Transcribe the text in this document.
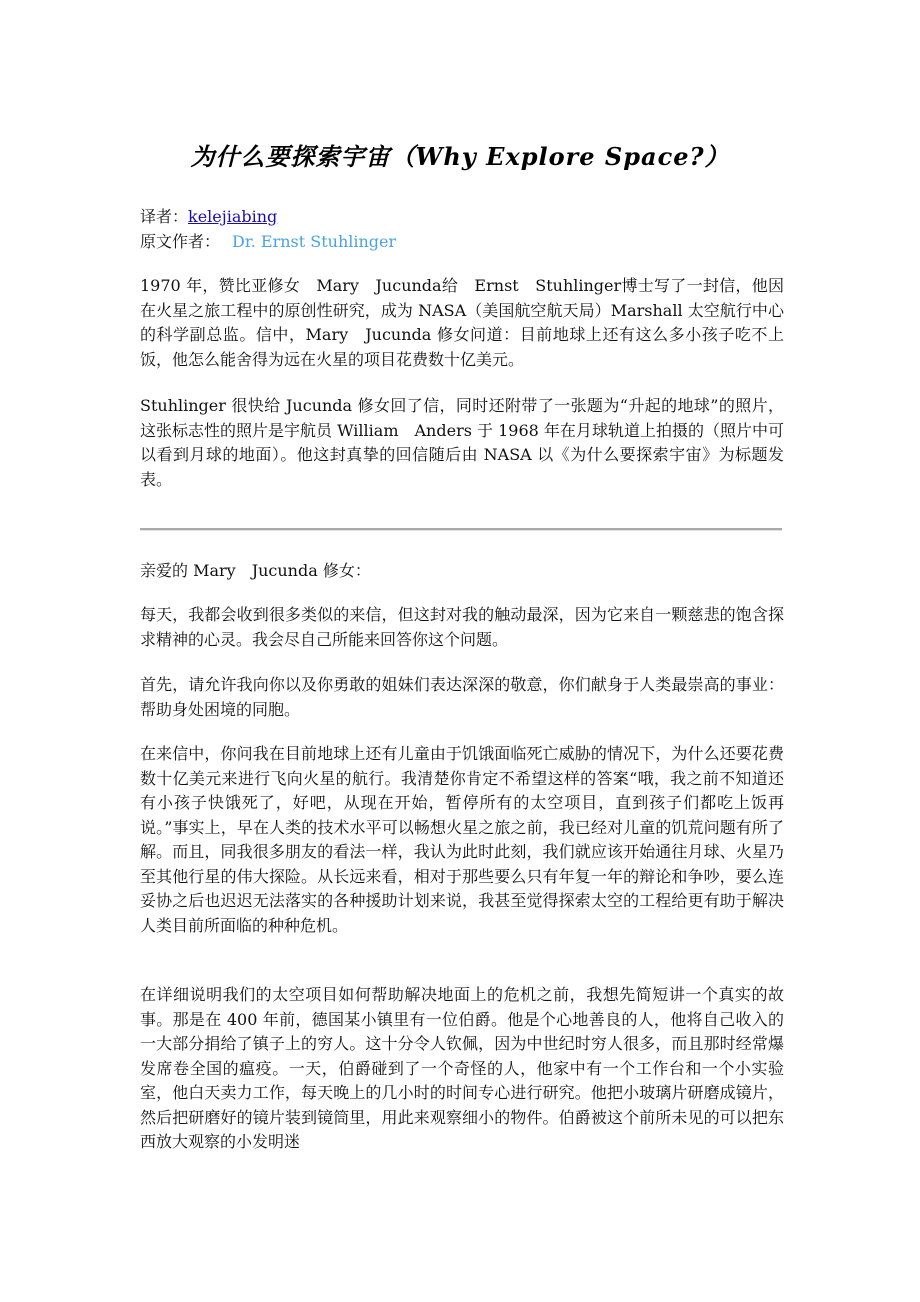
为什么要探索宇宙（Why Explore Space?）
译者：kelejiabing
原文作者： Dr. Ernst Stuhlinger
1970 年，赞比亚修女　Mary　Jucunda给　Ernst　Stuhlinger博士写了一封信，他因在火星之旅工程中的原创性研究，成为 NASA（美国航空航天局）Marshall 太空航行中心的科学副总监。信中，Mary　Jucunda 修女问道：目前地球上还有这么多小孩子吃不上饭，他怎么能舍得为远在火星的项目花费数十亿美元。
Stuhlinger 很快给 Jucunda 修女回了信，同时还附带了一张题为“升起的地球”的照片，这张标志性的照片是宇航员 William　Anders 于 1968 年在月球轨道上拍摄的（照片中可以看到月球的地面）。他这封真挚的回信随后由 NASA 以《为什么要探索宇宙》为标题发表。
亲爱的 Mary　Jucunda 修女：
每天，我都会收到很多类似的来信，但这封对我的触动最深，因为它来自一颗慈悲的饱含探求精神的心灵。我会尽自己所能来回答你这个问题。
首先，请允许我向你以及你勇敢的姐妹们表达深深的敬意，你们献身于人类最崇高的事业：帮助身处困境的同胞。
在来信中，你问我在目前地球上还有儿童由于饥饿面临死亡威胁的情况下，为什么还要花费数十亿美元来进行飞向火星的航行。我清楚你肯定不希望这样的答案“哦，我之前不知道还有小孩子快饿死了，好吧，从现在开始，暂停所有的太空项目，直到孩子们都吃上饭再说。”事实上，早在人类的技术水平可以畅想火星之旅之前，我已经对儿童的饥荒问题有所了解。而且，同我很多朋友的看法一样，我认为此时此刻，我们就应该开始通往月球、火星乃至其他行星的伟大探险。从长远来看，相对于那些要么只有年复一年的辩论和争吵，要么连妥协之后也迟迟无法落实的各种援助计划来说，我甚至觉得探索太空的工程给更有助于解决人类目前所面临的种种危机。
在详细说明我们的太空项目如何帮助解决地面上的危机之前，我想先简短讲一个真实的故事。那是在 400 年前，德国某小镇里有一位伯爵。他是个心地善良的人，他将自己收入的一大部分捐给了镇子上的穷人。这十分令人钦佩，因为中世纪时穷人很多，而且那时经常爆发席卷全国的瘟疫。一天，伯爵碰到了一个奇怪的人，他家中有一个工作台和一个小实验室，他白天卖力工作，每天晚上的几小时的时间专心进行研究。他把小玻璃片研磨成镜片，然后把研磨好的镜片装到镜筒里，用此来观察细小的物件。伯爵被这个前所未见的可以把东西放大观察的小发明迷
